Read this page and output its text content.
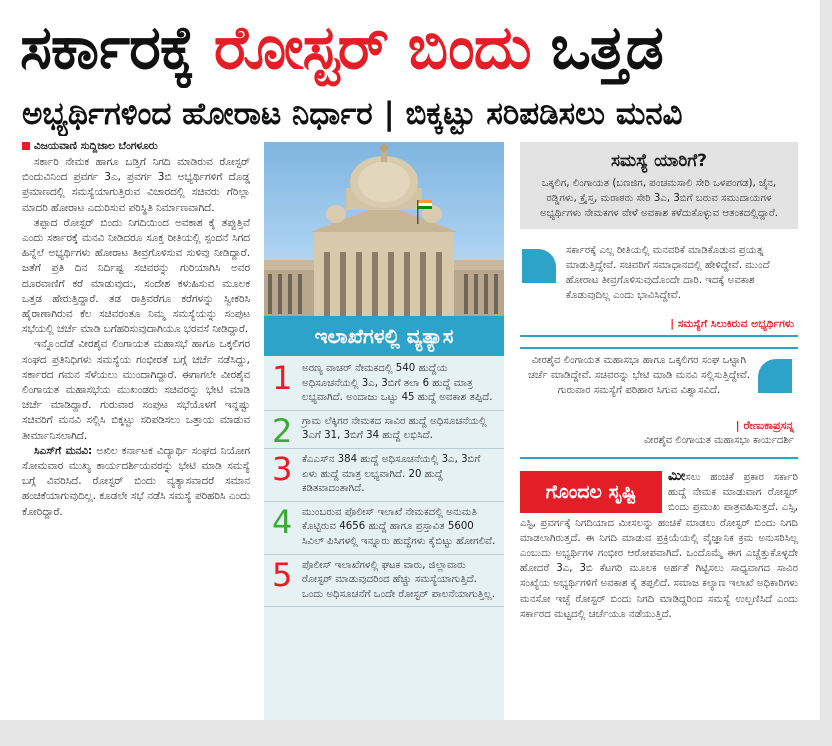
ಸರ್ಕಾರಕ್ಕೆ ರೋಸ್ಟರ್ ಬಿಂದು ಒತ್ತಡ
ಅಭ್ಯರ್ಥಿಗಳಿಂದ ಹೋರಾಟ ನಿರ್ಧಾರ | ಬಿಕ್ಕಟ್ಟು ಸರಿಪಡಿಸಲು ಮನವಿ
ವಿಜಯವಾಣಿ ಸುದ್ದಿಜಾಲ ಬೆಂಗಳೂರು

ಸರ್ಕಾರಿ ನೇಮಕ ಹಾಗೂ ಬಡ್ತಿಗೆ ನಿಗದಿ ಮಾಡಿರುವ ರೋಸ್ಟರ್ ಬಿಂದುವಿನಿಂದ ಪ್ರವರ್ಗ 3ಎ, ಪ್ರವರ್ಗ 3ಬಿ ಅಭ್ಯರ್ಥಿಗಳಿಗೆ ದೊಡ್ಡ ಪ್ರಮಾಣದಲ್ಲಿ ಸಮಸ್ಯೆಯಾಗುತ್ತಿರುವ ವಿಚಾರದಲ್ಲಿ ಸಚಿವರು ಗೆರಿಲ್ಲಾ ಮಾದರಿ ಹೋರಾಟ ಎದುರಿಸುವ ಪರಿಸ್ಥಿತಿ ನಿರ್ಮಾಣವಾಗಿದೆ.

ತಪ್ಪಾದ ರೋಸ್ಟರ್ ಬಿಂದು ನಿಗದಿಯಿಂದ ಅವಕಾಶ ಕೈ ತಪ್ಪುತ್ತಿವೆ ಎಂದು ಸರ್ಕಾರಕ್ಕೆ ಮನವಿ ನೀಡಿದರೂ ಸೂಕ್ತ ರೀತಿಯಲ್ಲಿ ಸ್ಪಂದನೆ ಸಿಗದ ಹಿನ್ನೆಲೆ ಅಭ್ಯರ್ಥಿಗಳು ಹೋರಾಟ ತೀವ್ರಗೊಳಿಸುವ ಸುಳಿವು ನೀಡಿದ್ದಾರೆ. ಜತೆಗೆ ಪ್ರತಿ ದಿನ ನಿರ್ದಿಷ್ಟ ಸಚಿವರನ್ನು ಗುರಿಯಾಗಿಸಿ ಅವರ ದೂರವಾಣಿಗೆ ಕರೆ ಮಾಡುವುದು, ಸಂದೇಶ ಕಳುಹಿಸುವ ಮೂಲಕ ಒತ್ತಡ ಹೇರುತ್ತಿದ್ದಾರೆ. ತಡ ರಾತ್ರಿವರೆಗೂ ಕರೆಗಳನ್ನು ಸ್ವೀಕರಿಸಿ ಹೈರಾಣಾಗಿರುವ ಕೆಲ ಸಚಿವರಂತೂ ನಿಮ್ಮ ಸಮಸ್ಯೆಯನ್ನು ಸಂಪುಟ ಸಭೆಯಲ್ಲಿ ಚರ್ಚೆ ಮಾಡಿ ಬಗೆಹರಿಸುವುದಾಗಿಯೂ ಭರವಸೆ ನೀಡಿದ್ದಾರೆ.

ಇನ್ನೊಂದೆಡೆ ವೀರಶೈವ ಲಿಂಗಾಯತ ಮಹಾಸಭೆ ಹಾಗೂ ಒಕ್ಕಲಿಗರ ಸಂಘದ ಪ್ರತಿನಿಧಿಗಳು ಸಮಸ್ಯೆಯ ಗಂಭೀರತೆ ಬಗ್ಗೆ ಚರ್ಚೆ ನಡೆಸಿದ್ದು, ಸರ್ಕಾರದ ಗಮನ ಸೆಳೆಯಲು ಮುಂದಾಗಿದ್ದಾರೆ. ಈಗಾಗಲೇ ವೀರಶೈವ ಲಿಂಗಾಯತ ಮಹಾಸಭೆಯ ಮುಖಂಡರು ಸಚಿವರನ್ನು ಭೇಟಿ ಮಾಡಿ ಚರ್ಚೆ ಮಾಡಿದ್ದಾರೆ. ಗುರುವಾರ ಸಂಪುಟ ಸಭೆಯೊಳಗೆ ಇನ್ನಷ್ಟು ಸಚಿವರಿಗೆ ಮನವಿ ಸಲ್ಲಿಸಿ ಬಿಕ್ಕಟ್ಟು ಸರಿಪಡಿಸಲು ಒತ್ತಾಯ ಮಾಡುವ ತೀರ್ಮಾನಿಸಲಾಗಿದೆ.

ಸಿಎಸ್‌ಗೆ ಮನವಿ: ಅಖಿಲ ಕರ್ನಾಟಕ ವಿದ್ಯಾರ್ಥಿ ಸಂಘದ ನಿಯೋಗ ಸೋಮವಾರ ಮುಖ್ಯ ಕಾರ್ಯದರ್ಶಿಯವರನ್ನು ಭೇಟಿ ಮಾಡಿ ಸಮಸ್ಯೆ ಬಗ್ಗೆ ವಿವರಿಸಿದೆ. ರೋಸ್ಟರ್ ಬಿಂದು ವ್ಯತ್ಯಾಸವಾದರೆ ಸಮಾನ ಹಂಚಿಕೆಯಾಗುವುದಿಲ್ಲ. ಕೂಡಲೇ ಸಭೆ ನಡೆಸಿ ಸಮಸ್ಯೆ ಪರಿಹರಿಸಿ ಎಂದು ಕೋರಿದ್ದಾರೆ.

ಇಲಾಖೆಗಳಲ್ಲಿ ವ್ಯತ್ಯಾಸ
1 ಅರಣ್ಯ ವಾಚರ್ ನೇಮಕದಲ್ಲಿ 540 ಹುದ್ದೆಯ ಅಧಿಸೂಚನೆಯಲ್ಲಿ 3ಎ, 3ಬಿಗೆ ತಲಾ 6 ಹುದ್ದೆ ಮಾತ್ರ ಲಭ್ಯವಾಗಿದೆ. ಅಂದಾಜು ಒಟ್ಟು 45 ಹುದ್ದೆ ಅವಕಾಶ ತಪ್ಪಿದೆ.
2 ಗ್ರಾಮ ಲೆಕ್ಕಿಗರ ನೇಮಕದ ಸಾವಿರ ಹುದ್ದೆ ಅಧಿಸೂಚನೆಯಲ್ಲಿ 3ಎಗೆ 31, 3ಬಿಗೆ 34 ಹುದ್ದೆ ಲಭಿಸಿದೆ.
3 ಕೆಎಎಸ್‌ನ 384 ಹುದ್ದೆ ಅಧಿಸೂಚನೆಯಲ್ಲಿ 3ಎ, 3ಬಿಗೆ ಏಳು ಹುದ್ದೆ ಮಾತ್ರ ಲಭ್ಯವಾಗಿದೆ. 20 ಹುದ್ದೆ ಕಡಿತವಾದಂತಾಗಿದೆ.
4 ಮುಂಬರುವ ಪೊಲೀಸ್ ಇಲಾಖೆ ನೇಮಕದಲ್ಲಿ ಅನುಮತಿ ಕೊಟ್ಟಿರುವ 4656 ಹುದ್ದೆ ಹಾಗೂ ಪ್ರಸ್ತಾವಿತ 5600 ಸಿವಿಲ್ ಪಿಸಿಗಳಲ್ಲಿ ಇನ್ನೂರು ಹುದ್ದೆಗಳು ಕೈಬಿಟ್ಟು ಹೋಗಲಿವೆ.
5 ಪೊಲೀಸ್ ಇಲಾಖೆಗಳಲ್ಲಿ ಘಟಕ ವಾರು, ಜಿಲ್ಲಾವಾರು ರೋಸ್ಟರ್ ಮಾಡುವುದರಿಂದ ಹೆಚ್ಚು ಸಮಸ್ಯೆಯಾಗುತ್ತಿದೆ. ಒಂದು ಅಧಿಸೂಚನೆಗೆ ಒಂದೇ ರೋಸ್ಟರ್ ಪಾಲನೆಯಾಗುತ್ತಿಲ್ಲ.
ಸಮಸ್ಯೆ ಯಾರಿಗೆ?
ಒಕ್ಕಲಿಗ, ಲಿಂಗಾಯತ (ಬಣಜಿಗ, ಪಂಚಮಸಾಲಿ ಸೇರಿ ಒಳಪಂಗಡ), ಜೈನ, ರಡ್ಡಿಗಳು, ಕ್ರೈಸ್ತ, ಮರಾಠರು ಸೇರಿ 3ಎ, 3ಬಿಗೆ ಬರುವ ಸಮುದಾಯಗಳ ಅಭ್ಯರ್ಥಿಗಳು ನೇಮಕಗಳ ವೇಳೆ ಅವಕಾಶ ಕಳೆದುಕೊಳ್ಳುವ ಆತಂಕದಲ್ಲಿದ್ದಾರೆ.
ಸರ್ಕಾರಕ್ಕೆ ಎಲ್ಲ ರೀತಿಯಲ್ಲಿ ಮನವರಿಕೆ ಮಾಡಿಕೊಡುವ ಪ್ರಯತ್ನ ಮಾಡುತ್ತಿದ್ದೇವೆ. ಸಚಿವರಿಗೆ ಸಮಾಧಾನದಲ್ಲಿ ಹೇಳಿದ್ದೇವೆ. ಮುಂದೆ ಹೋರಾಟ ತೀವ್ರಗೊಳಿಸುವುದೊಂದೇ ದಾರಿ. ಇದಕ್ಕೆ ಅವಕಾಶ ಕೊಡುವುದಿಲ್ಲ ಎಂದು ಭಾವಿಸಿದ್ದೇವೆ.
| ಸಮಸ್ಯೆಗೆ ಸಿಲುಕಿರುವ ಅಭ್ಯರ್ಥಿಗಳು
ವೀರಶೈವ ಲಿಂಗಾಯತ ಮಹಾಸಭಾ ಹಾಗೂ ಒಕ್ಕಲಿಗರ ಸಂಘ ಒಟ್ಟಾಗಿ ಚರ್ಚೆ ಮಾಡಿದ್ದೇವೆ. ಸಚಿವರನ್ನು ಭೇಟಿ ಮಾಡಿ ಮನವಿ ಸಲ್ಲಿಸುತ್ತಿದ್ದೇವೆ. ಗುರುವಾರ ಸಮಸ್ಯೆಗೆ ಪರಿಹಾರ ಸಿಗುವ ವಿಶ್ವಾಸವಿದೆ.
| ರೇಣುಕಾಪ್ರಸನ್ನ
ವೀರಶೈವ ಲಿಂಗಾಯತ ಮಹಾಸಭಾ ಕಾರ್ಯದರ್ಶಿ
ಗೊಂದಲ ಸೃಷ್ಟಿ

ಮೀಸಲು ಹಂಚಿಕೆ ಪ್ರಕಾರ ಸರ್ಕಾರಿ ಹುದ್ದೆ ನೇಮಕ ಮಾಡುವಾಗ ರೋಸ್ಟರ್ ಬಿಂದು ಪ್ರಮುಖ ಪಾತ್ರವಹಿಸುತ್ತದೆ. ಎಸ್ಸಿ, ಎಸ್ಟಿ, ಪ್ರವರ್ಗಕ್ಕೆ ನಿಗದಿಯಾದ ಮೀಸಲನ್ನು ಹಂಚಿಕೆ ಮಾಡಲು ರೋಸ್ಟರ್ ಬಿಂದು ನಿಗದಿ ಮಾಡಲಾಗಿರುತ್ತದೆ. ಈ ನಿಗದಿ ಮಾಡುವ ಪ್ರಕ್ರಿಯೆಯಲ್ಲಿ ವೈಜ್ಞಾನಿಕ ಕ್ರಮ ಅನುಸರಿಸಿಲ್ಲ ಎಂಬುದು ಅಭ್ಯರ್ಥಿಗಳ ಗಂಭೀರ ಆರೋಪವಾಗಿದೆ. ಒಂದೊಮ್ಮೆ ಈಗ ಎಚ್ಚೆತ್ತುಕೊಳ್ಳದೇ ಹೋದರೆ 3ಎ, 3ಬಿ ಕೆಟಗರಿ ಮೂಲಕ ಅರ್ಹತೆ ಗಿಟ್ಟಿಸಲು ಸಾಧ್ಯವಾಗದ ಸಾವಿರ ಸಂಖ್ಯೆಯ ಅಭ್ಯರ್ಥಿಗಳಿಗೆ ಅವಕಾಶ ಕೈ ತಪ್ಪಲಿದೆ. ಸಮಾಜ ಕಲ್ಯಾಣ ಇಲಾಖೆ ಅಧಿಕಾರಿಗಳು ಮನಸೋ ಇಚ್ಛೆ ರೋಸ್ಟರ್ ಬಿಂದು ನಿಗದಿ ಮಾಡಿದ್ದರಿಂದ ಸಮಸ್ಯೆ ಉಲ್ಬಣಿಸಿದೆ ಎಂದು ಸರ್ಕಾರದ ಮಟ್ಟದಲ್ಲಿ ಚರ್ಚೆಯೂ ನಡೆಯುತ್ತಿದೆ.
